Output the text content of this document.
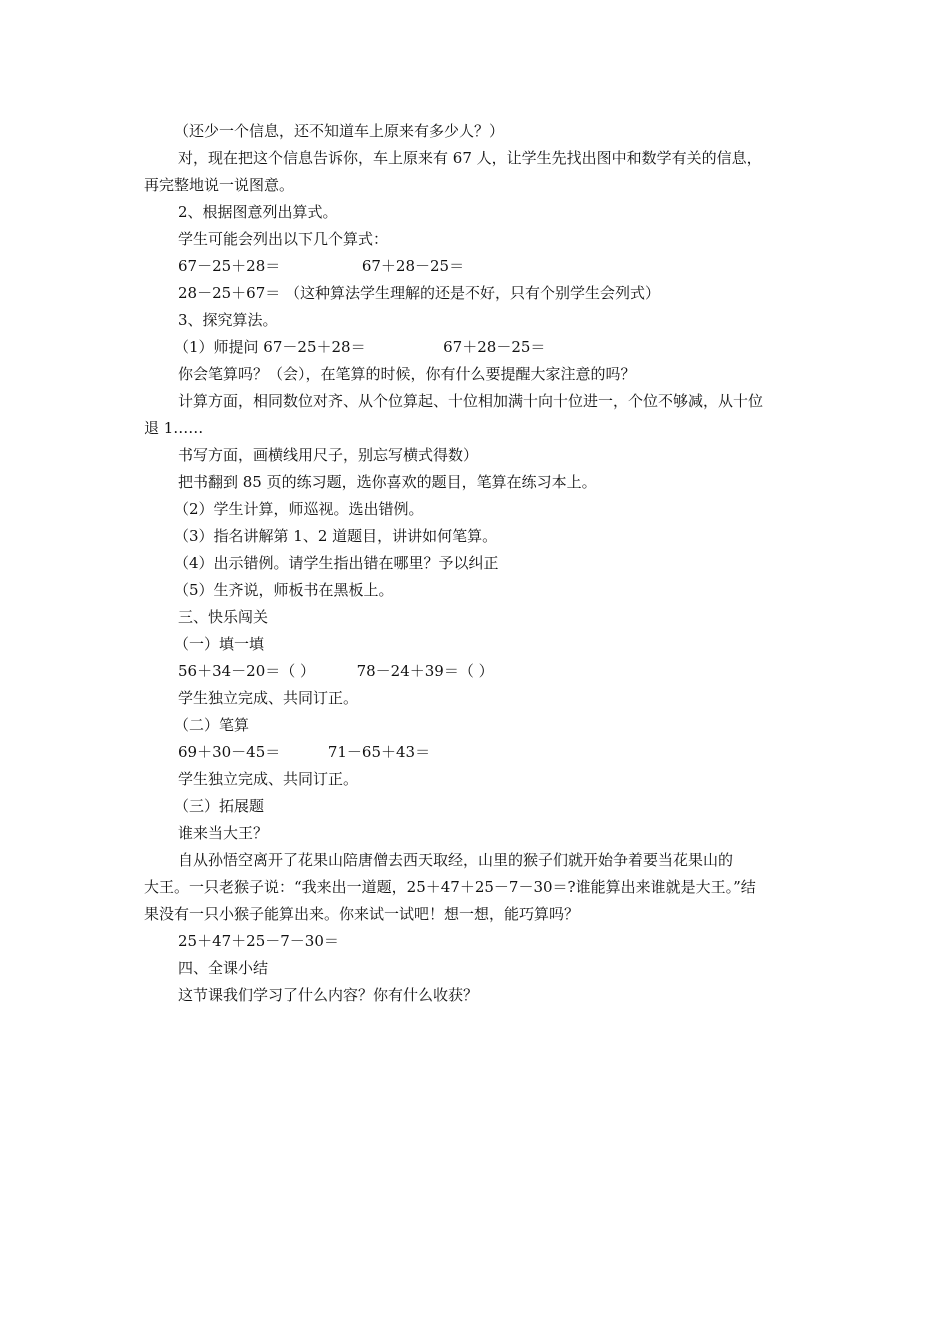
（还少一个信息，还不知道车上原来有多少人？）
对，现在把这个信息告诉你，车上原来有 67 人，让学生先找出图中和数学有关的信息，
再完整地说一说图意。
2、根据图意列出算式。
学生可能会列出以下几个算式：
67－25＋28＝	67＋28－25＝
28－25＋67＝ （这种算法学生理解的还是不好，只有个别学生会列式）
3、探究算法。
（1）师提问 67－25＋28＝	67＋28－25＝
你会笔算吗？（会），在笔算的时候，你有什么要提醒大家注意的吗？
计算方面，相同数位对齐、从个位算起、十位相加满十向十位进一，个位不够减，从十位
退 1……
书写方面，画横线用尺子，别忘写横式得数）
把书翻到 85 页的练习题，选你喜欢的题目，笔算在练习本上。
（2）学生计算，师巡视。选出错例。
（3）指名讲解第 1、2 道题目，讲讲如何笔算。
（4）出示错例。请学生指出错在哪里？予以纠正
（5）生齐说，师板书在黑板上。
三、快乐闯关
（一）填一填
56＋34－20＝（ ）	78－24＋39＝（ ）
学生独立完成、共同订正。
（二）笔算
69＋30－45＝	71－65＋43＝
学生独立完成、共同订正。
（三）拓展题
谁来当大王？
自从孙悟空离开了花果山陪唐僧去西天取经，山里的猴子们就开始争着要当花果山的
大王。一只老猴子说：“我来出一道题，25＋47＋25－7－30＝?谁能算出来谁就是大王。”结
果没有一只小猴子能算出来。你来试一试吧！想一想，能巧算吗？
25＋47＋25－7－30＝
四、全课小结
这节课我们学习了什么内容？你有什么收获？
